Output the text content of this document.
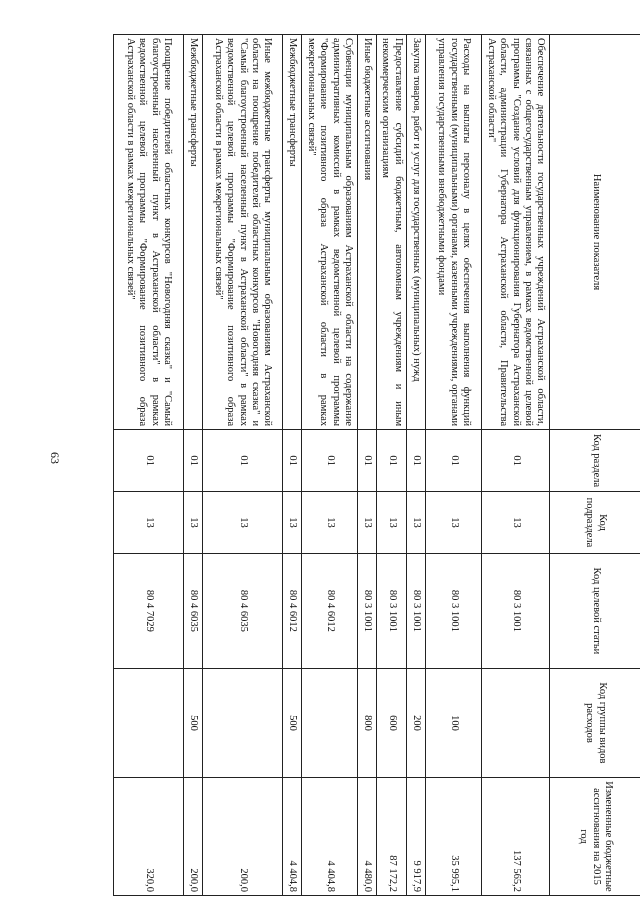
63
Наименование показателя	Код раздела	Код подраздела	Код целевой статьи	Код группы видов расходов	Измененные бюджетные ассигнования на 2015 год
Обеспечение деятельности государственных учреждений Астраханской области, связанных с общегосударственным управлением, в рамках ведомственной целевой программы "Создание условий для функционирования Губернатора Астраханской области, администрации Губернатора Астраханской области, Правительства Астраханской области"	01	13	80 3 1001		137 565,2
Расходы на выплаты персоналу в целях обеспечения выполнения функций государственными (муниципальными) органами, казенными учреждениями, органами управления государственными внебюджетными фондами	01	13	80 3 1001	100	35 995,1
Закупка товаров, работ и услуг для государственных (муниципальных) нужд	01	13	80 3 1001	200	9 917,9
Предоставление субсидий бюджетным, автономным учреждениям и иным некоммерческим организациям	01	13	80 3 1001	600	87 172,2
Иные бюджетные ассигнования	01	13	80 3 1001	800	4 480,0
Субвенции муниципальным образованиям Астраханской области на содержание административных комиссий в рамках ведомственной целевой программы "Формирование позитивного образа Астраханской области в рамках межрегиональных связей"	01	13	80 4 6012		4 404,8
Межбюджетные трансферты	01	13	80 4 6012	500	4 404,8
Иные межбюджетные трансферты муниципальным образованиям Астраханской области на поощрение победителей областных конкурсов "Новогодняя сказка" и "Самый благоустроенный населенный пункт в Астраханской области" в рамках ведомственной целевой программы "Формирование позитивного образа Астраханской области в рамках межрегиональных связей"	01	13	80 4 6035		200,0
Межбюджетные трансферты	01	13	80 4 6035	500	200,0
Поощрение победителей областных конкурсов "Новогодняя сказка" и "Самый благоустроенный населенный пункт в Астраханской области" в рамках ведомственной целевой программы "Формирование позитивного образа Астраханской области в рамках межрегиональных связей"	01	13	80 4 7029		320,0
